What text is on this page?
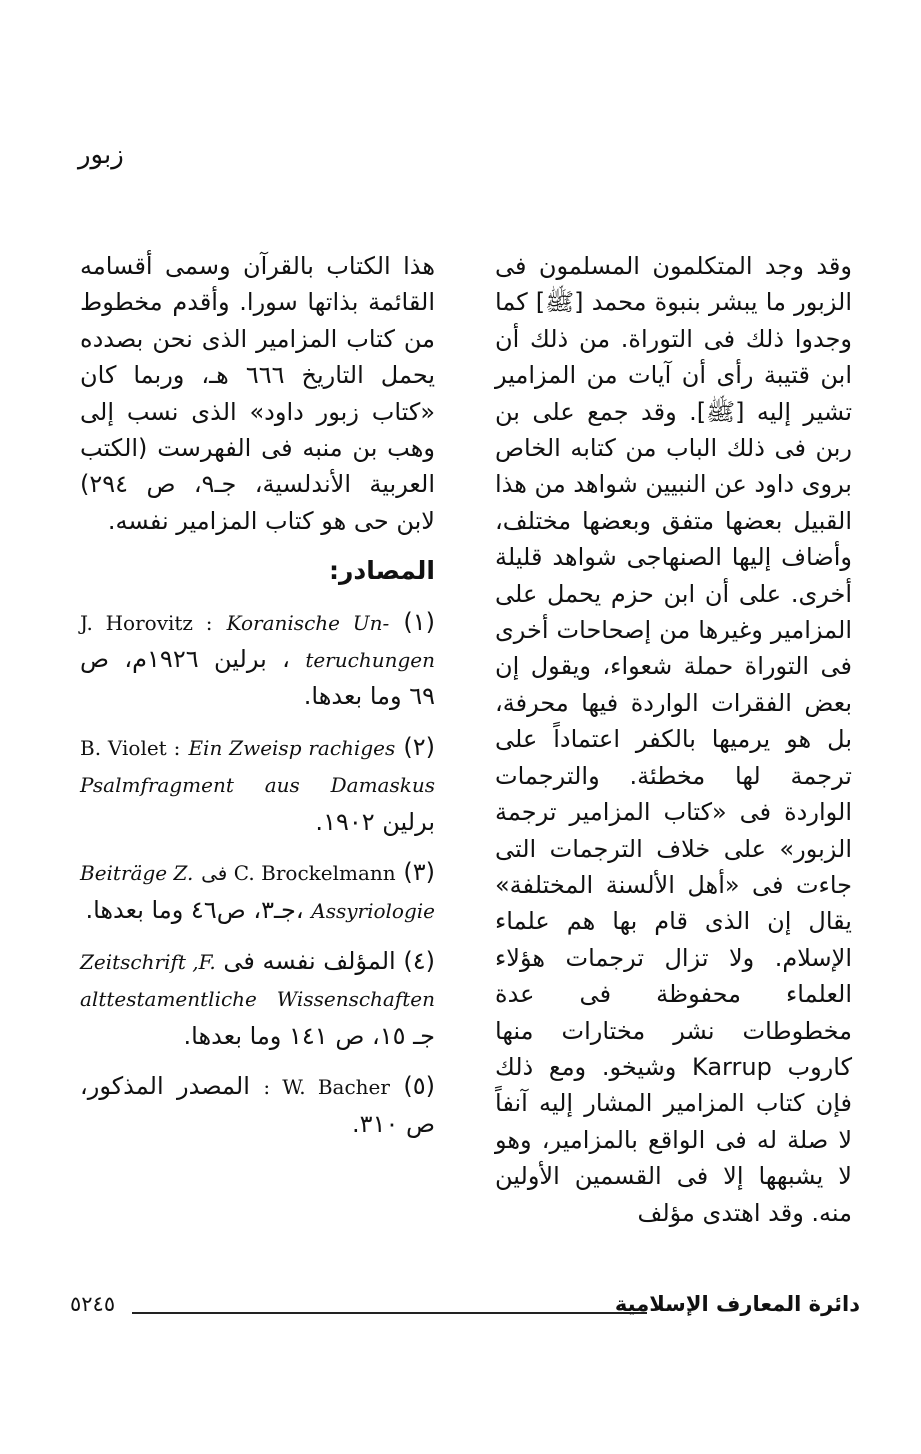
زبور

وقد وجد المتكلمون المسلمون فى الزبور ما يبشر بنبوة محمد [ﷺ] كما وجدوا ذلك فى التوراة. من ذلك أن ابن قتيبة رأى أن آيات من المزامير تشير إليه [ﷺ]. وقد جمع على بن ربن فى ذلك الباب من كتابه الخاص بروى داود عن النبيين شواهد من هذا القبيل بعضها متفق وبعضها مختلف، وأضاف إليها الصنهاجى شواهد قليلة أخرى. على أن ابن حزم يحمل على المزامير وغيرها من إصحاحات أخرى فى التوراة حملة شعواء، ويقول إن بعض الفقرات الواردة فيها محرفة، بل هو يرميها بالكفر اعتماداً على ترجمة لها مخطئة. والترجمات الواردة فى «كتاب المزامير ترجمة الزبور» على خلاف الترجمات التى جاءت فى «أهل الألسنة المختلفة» يقال إن الذى قام بها هم علماء الإسلام. ولا تزال ترجمات هؤلاء العلماء محفوظة فى عدة مخطوطات نشر مختارات منها كاروب Karrup وشيخو. ومع ذلك فإن كتاب المزامير المشار إليه آنفاً لا صلة له فى الواقع بالمزامير، وهو لا يشبهها إلا فى القسمين الأولين منه. وقد اهتدى مؤلف

هذا الكتاب بالقرآن وسمى أقسامه القائمة بذاتها سورا. وأقدم مخطوط من كتاب المزامير الذى نحن بصدده يحمل التاريخ ٦٦٦ هـ، وربما كان «كتاب زبور داود» الذى نسب إلى وهب بن منبه فى الفهرست (الكتب العربية الأندلسية، جـ٩، ص ٢٩٤) لابن حى هو كتاب المزامير نفسه.

المصادر:

(١) J. Horovitz : Koranische Un-teruchungen ، برلين ١٩٢٦م، ص ٦٩ وما بعدها.

(٢) B. Violet : Ein Zweisp rachiges Psalmfragment aus Damaskus برلين ١٩٠٢.

(٣) C. Brockelmann فى Beiträge Z. Assyriologie ،جـ٣، ص٤٦ وما بعدها.

(٤) المؤلف نفسه فى Zeitschrift ,F. alttestamentliche Wissenschaften جـ ١٥، ص ١٤١ وما بعدها.

(٥) W. Bacher : المصدر المذكور، ص ٣١٠.

دائرة المعارف الإسلامية
٥٢٤٥
